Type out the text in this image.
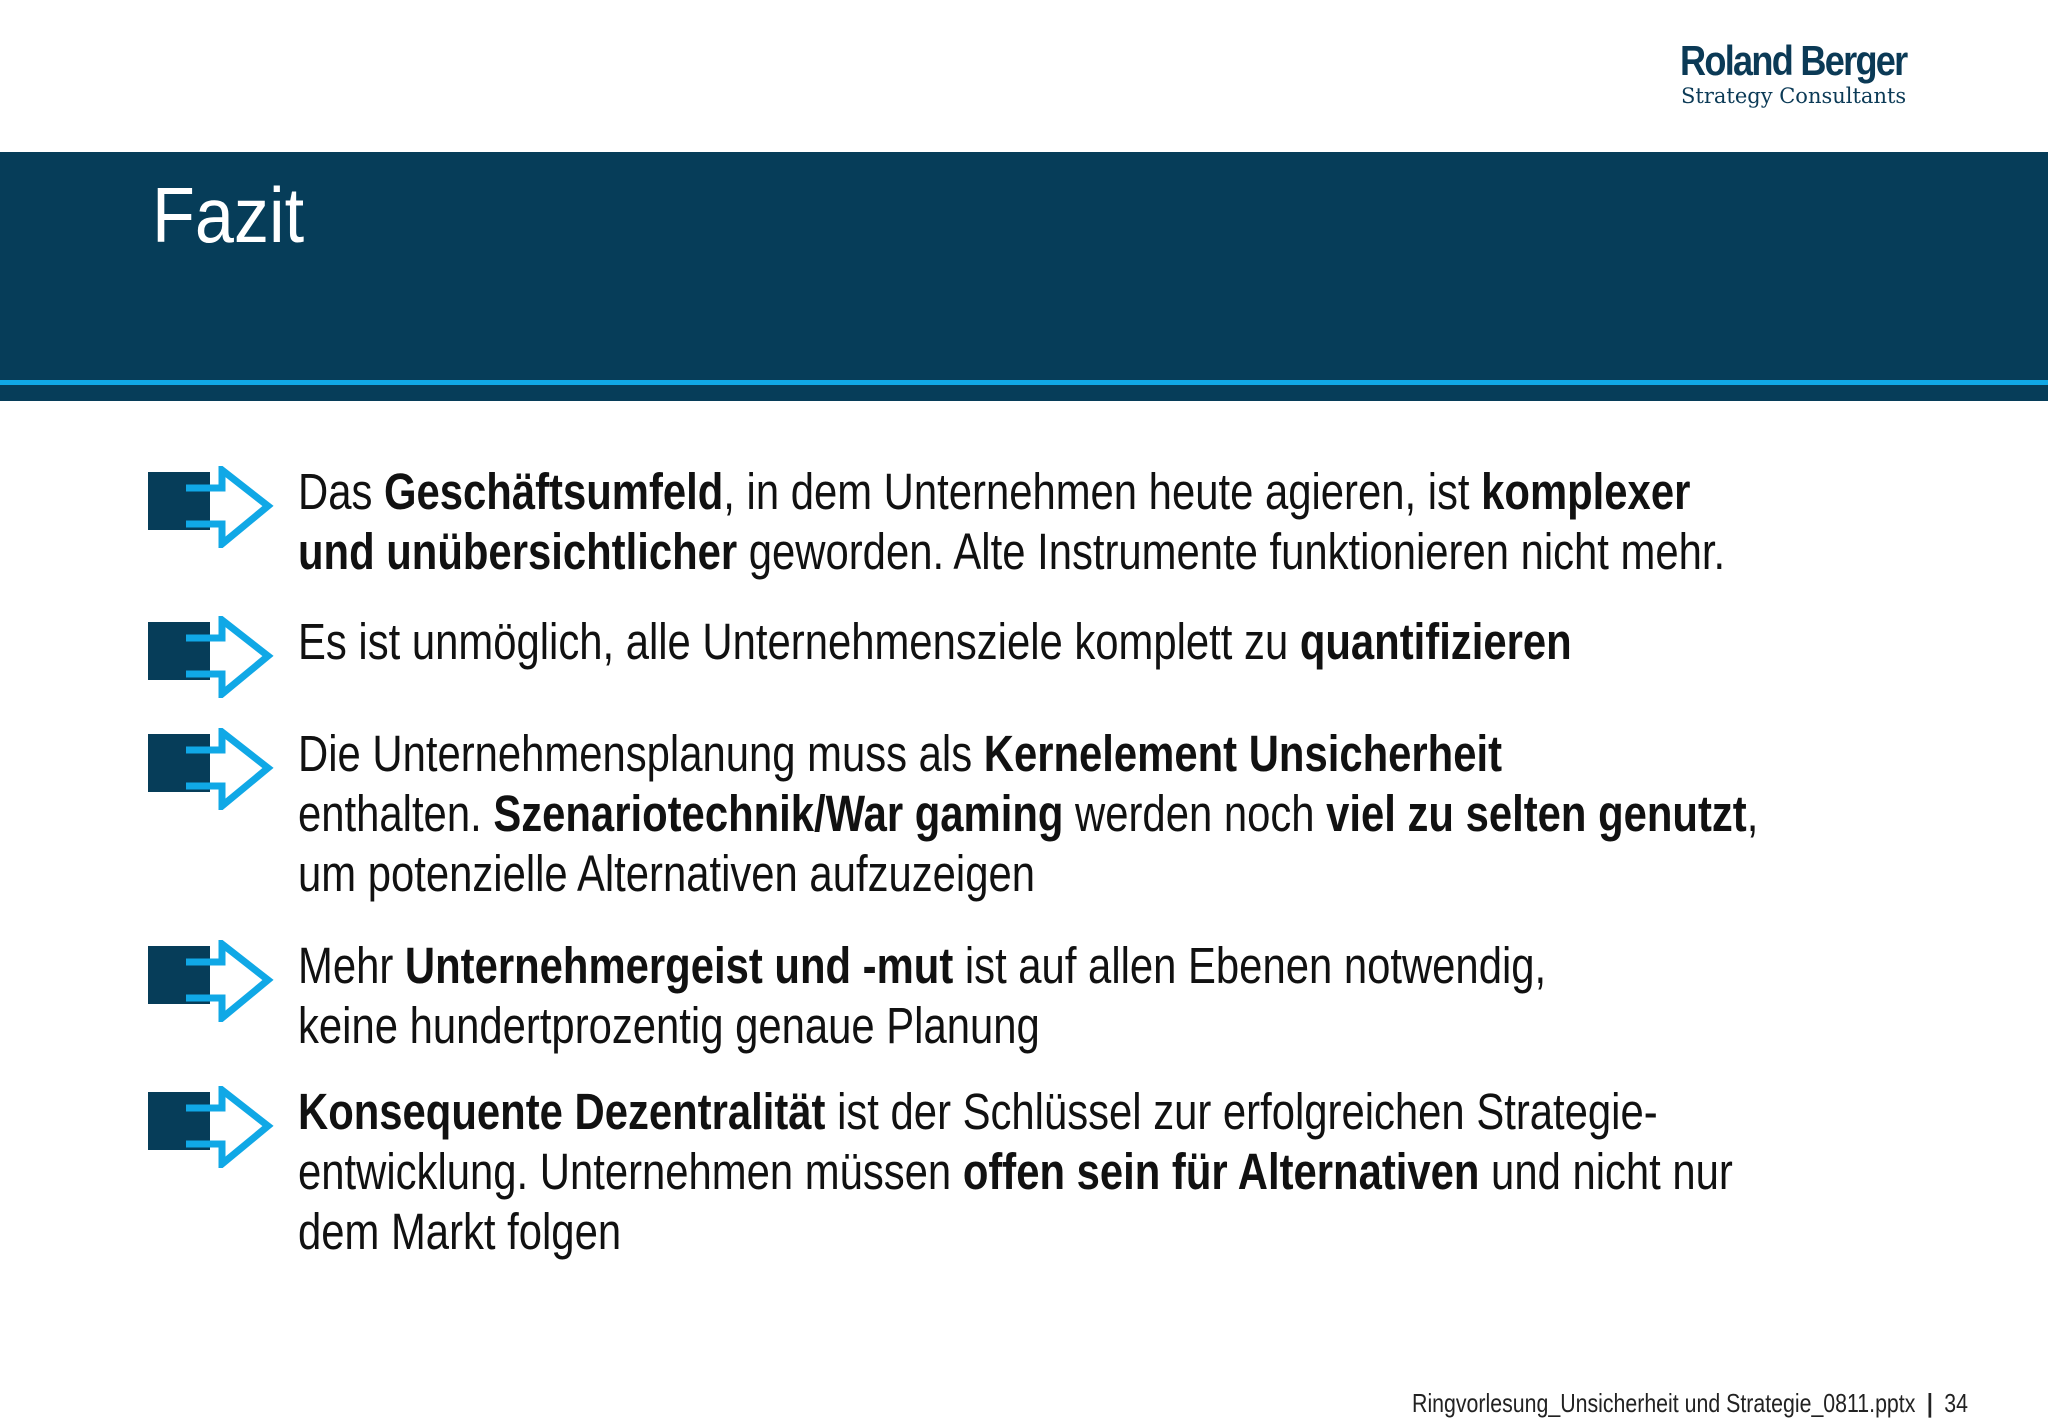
Roland Berger
Strategy Consultants
Fazit
Das Geschäftsumfeld, in dem Unternehmen heute agieren, ist komplexer
und unübersichtlicher geworden. Alte Instrumente funktionieren nicht mehr.
Es ist unmöglich, alle Unternehmensziele komplett zu quantifizieren
Die Unternehmensplanung muss als Kernelement Unsicherheit
enthalten. Szenariotechnik/War gaming werden noch viel zu selten genutzt,
um potenzielle Alternativen aufzuzeigen
Mehr Unternehmergeist und -mut ist auf allen Ebenen notwendig,
keine hundertprozentig genaue Planung
Konsequente Dezentralität ist der Schlüssel zur erfolgreichen Strategie-
entwicklung. Unternehmen müssen offen sein für Alternativen und nicht nur
dem Markt folgen
Ringvorlesung_Unsicherheit und Strategie_0811.pptx | 34
